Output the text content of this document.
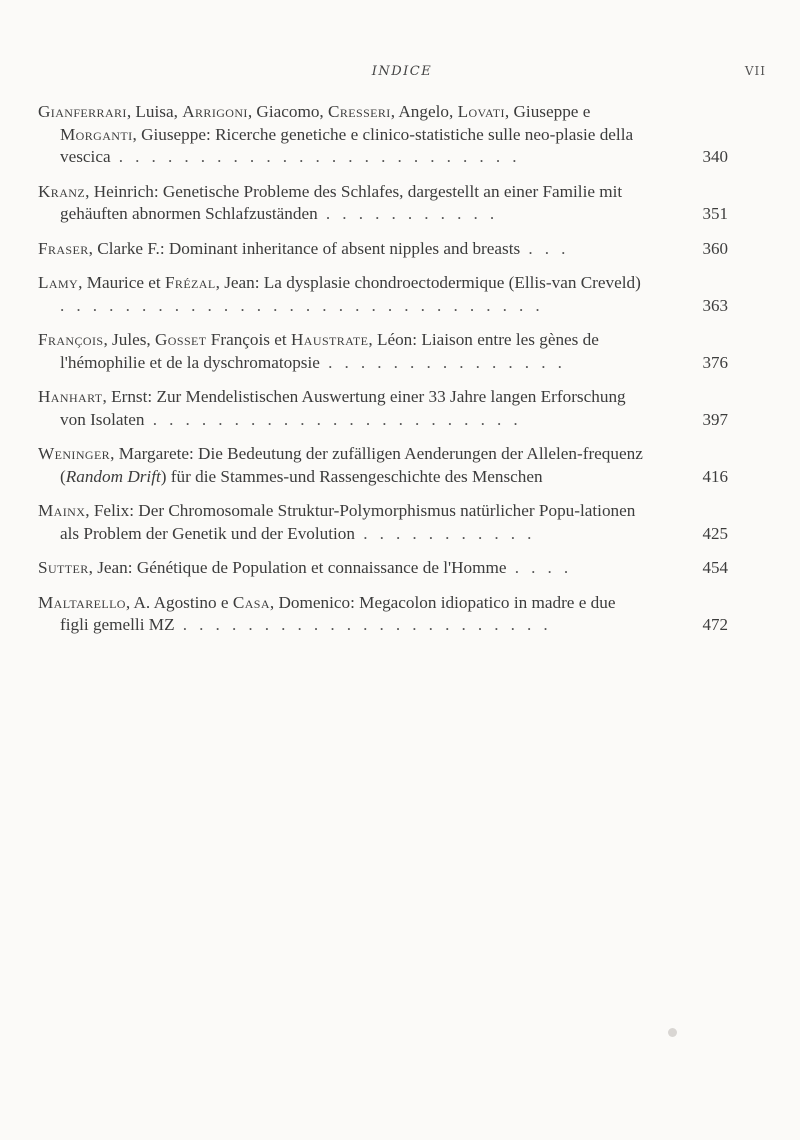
INDICE	VII
Gianferrari, Luisa, Arrigoni, Giacomo, Cresseri, Angelo, Lovati, Giuseppe e Morganti, Giuseppe: Ricerche genetiche e clinico-statistiche sulle neo-plasie della vescica . . . . . . . . . . . . . . . . . . . . . . . . .	340
Kranz, Heinrich: Genetische Probleme des Schlafes, dargestellt an einer Familie mit gehäuften abnormen Schlafzuständen . . . . . . . . . . .	351
Fraser, Clarke F.: Dominant inheritance of absent nipples and breasts . . .	360
Lamy, Maurice et Frézal, Jean: La dysplasie chondroectodermique (Ellis-van Creveld) . . . . . . . . . . . . . . . . . . . . . . . . . . . . . .	363
François, Jules, Gosset François et Haustrate, Léon: Liaison entre les gènes de l'hémophilie et de la dyschromatopsie . . . . . . . . . . . . . . .	376
Hanhart, Ernst: Zur Mendelistischen Auswertung einer 33 Jahre langen Erforschung von Isolaten . . . . . . . . . . . . . . . . . . . . . . .	397
Weninger, Margarete: Die Bedeutung der zufälligen Aenderungen der Allelen-frequenz (Random Drift) für die Stammes-und Rassengeschichte des Menschen	416
Mainx, Felix: Der Chromosomale Struktur-Polymorphismus natürlicher Popu-lationen als Problem der Genetik und der Evolution . . . . . . . . . . .	425
Sutter, Jean: Génétique de Population et connaissance de l'Homme . . . .	454
Maltarello, A. Agostino e Casa, Domenico: Megacolon idiopatico in madre e due figli gemelli MZ . . . . . . . . . . . . . . . . . . . . . . .	472
